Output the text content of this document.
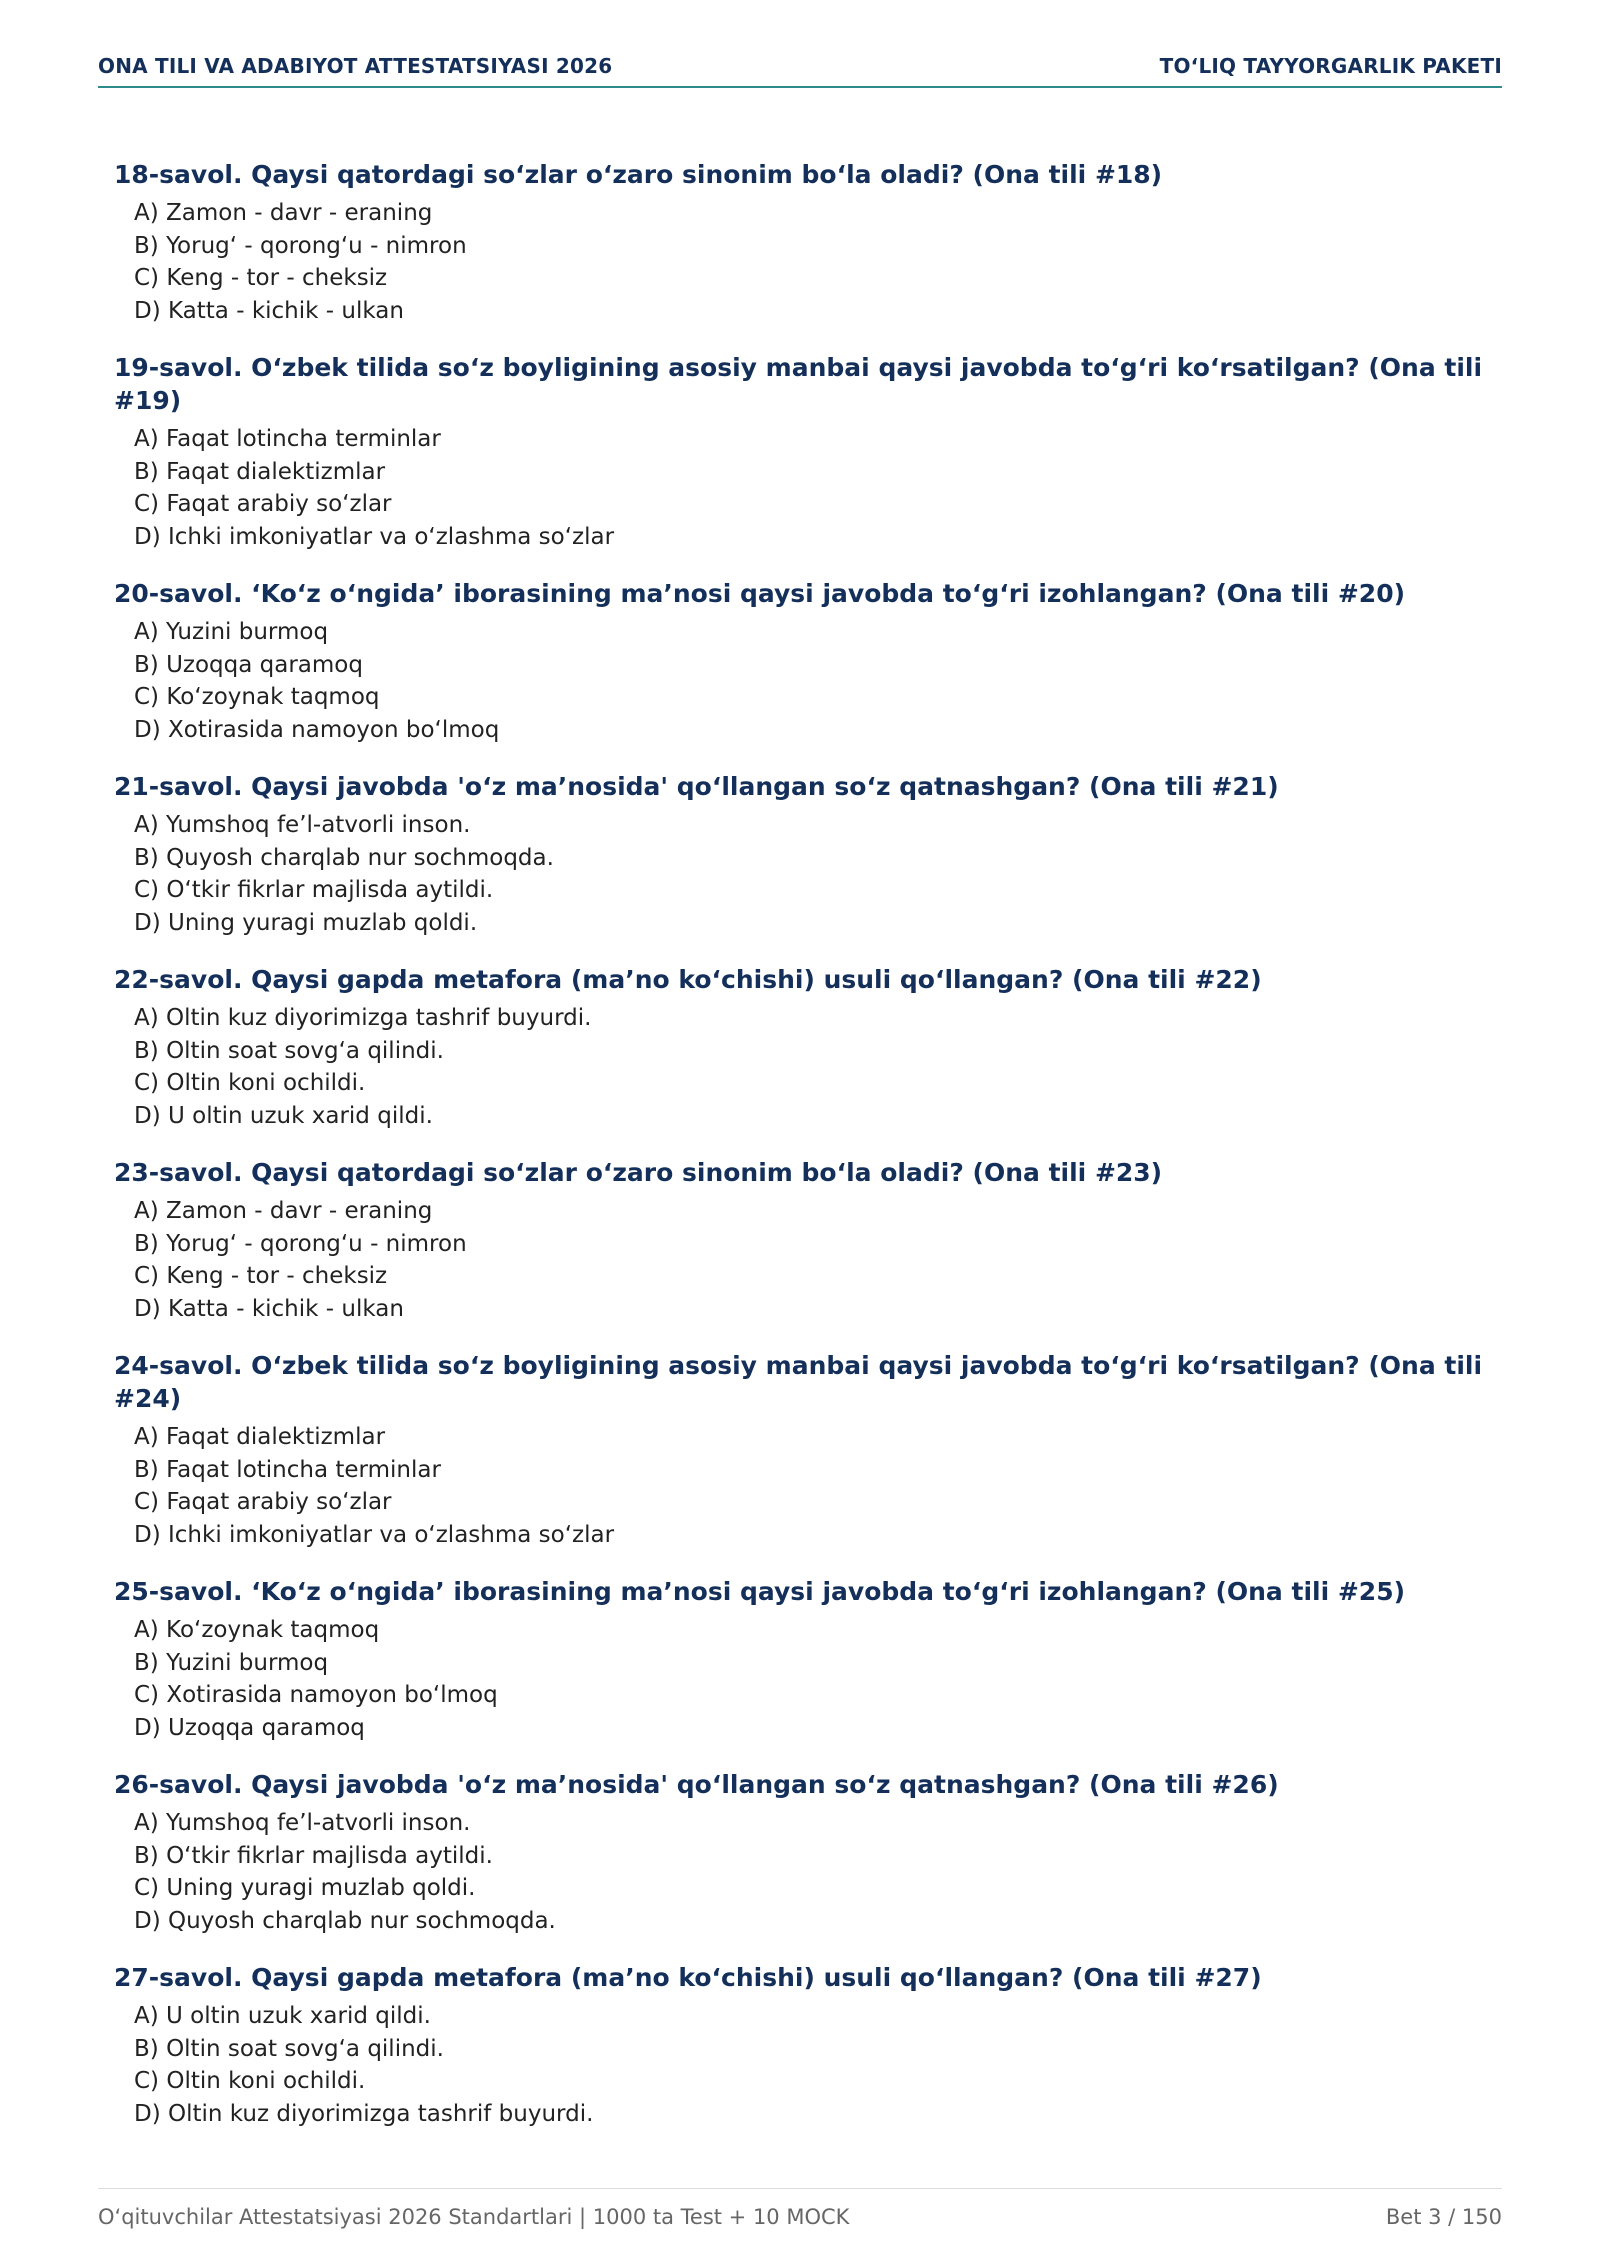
ONA TILI VA ADABIYOT ATTESTATSIYASI 2026	TO‘LIQ TAYYORGARLIK PAKETI
18-savol. Qaysi qatordagi so‘zlar o‘zaro sinonim bo‘la oladi? (Ona tili #18)
A) Zamon - davr - eraning
B) Yorug‘ - qorong‘u - nimron
C) Keng - tor - cheksiz
D) Katta - kichik - ulkan
19-savol. O‘zbek tilida so‘z boyligining asosiy manbai qaysi javobda to‘g‘ri ko‘rsatilgan? (Ona tili #19)
A) Faqat lotincha terminlar
B) Faqat dialektizmlar
C) Faqat arabiy so‘zlar
D) Ichki imkoniyatlar va o‘zlashma so‘zlar
20-savol. ‘Ko‘z o‘ngida’ iborasining ma’nosi qaysi javobda to‘g‘ri izohlangan? (Ona tili #20)
A) Yuzini burmoq
B) Uzoqqa qaramoq
C) Ko‘zoynak taqmoq
D) Xotirasida namoyon bo‘lmoq
21-savol. Qaysi javobda 'o‘z ma’nosida' qo‘llangan so‘z qatnashgan? (Ona tili #21)
A) Yumshoq fe’l-atvorli inson.
B) Quyosh charqlab nur sochmoqda.
C) O‘tkir fikrlar majlisda aytildi.
D) Uning yuragi muzlab qoldi.
22-savol. Qaysi gapda metafora (ma’no ko‘chishi) usuli qo‘llangan? (Ona tili #22)
A) Oltin kuz diyorimizga tashrif buyurdi.
B) Oltin soat sovg‘a qilindi.
C) Oltin koni ochildi.
D) U oltin uzuk xarid qildi.
23-savol. Qaysi qatordagi so‘zlar o‘zaro sinonim bo‘la oladi? (Ona tili #23)
A) Zamon - davr - eraning
B) Yorug‘ - qorong‘u - nimron
C) Keng - tor - cheksiz
D) Katta - kichik - ulkan
24-savol. O‘zbek tilida so‘z boyligining asosiy manbai qaysi javobda to‘g‘ri ko‘rsatilgan? (Ona tili #24)
A) Faqat dialektizmlar
B) Faqat lotincha terminlar
C) Faqat arabiy so‘zlar
D) Ichki imkoniyatlar va o‘zlashma so‘zlar
25-savol. ‘Ko‘z o‘ngida’ iborasining ma’nosi qaysi javobda to‘g‘ri izohlangan? (Ona tili #25)
A) Ko‘zoynak taqmoq
B) Yuzini burmoq
C) Xotirasida namoyon bo‘lmoq
D) Uzoqqa qaramoq
26-savol. Qaysi javobda 'o‘z ma’nosida' qo‘llangan so‘z qatnashgan? (Ona tili #26)
A) Yumshoq fe’l-atvorli inson.
B) O‘tkir fikrlar majlisda aytildi.
C) Uning yuragi muzlab qoldi.
D) Quyosh charqlab nur sochmoqda.
27-savol. Qaysi gapda metafora (ma’no ko‘chishi) usuli qo‘llangan? (Ona tili #27)
A) U oltin uzuk xarid qildi.
B) Oltin soat sovg‘a qilindi.
C) Oltin koni ochildi.
D) Oltin kuz diyorimizga tashrif buyurdi.
O‘qituvchilar Attestatsiyasi 2026 Standartlari | 1000 ta Test + 10 MOCK	Bet 3 / 150
